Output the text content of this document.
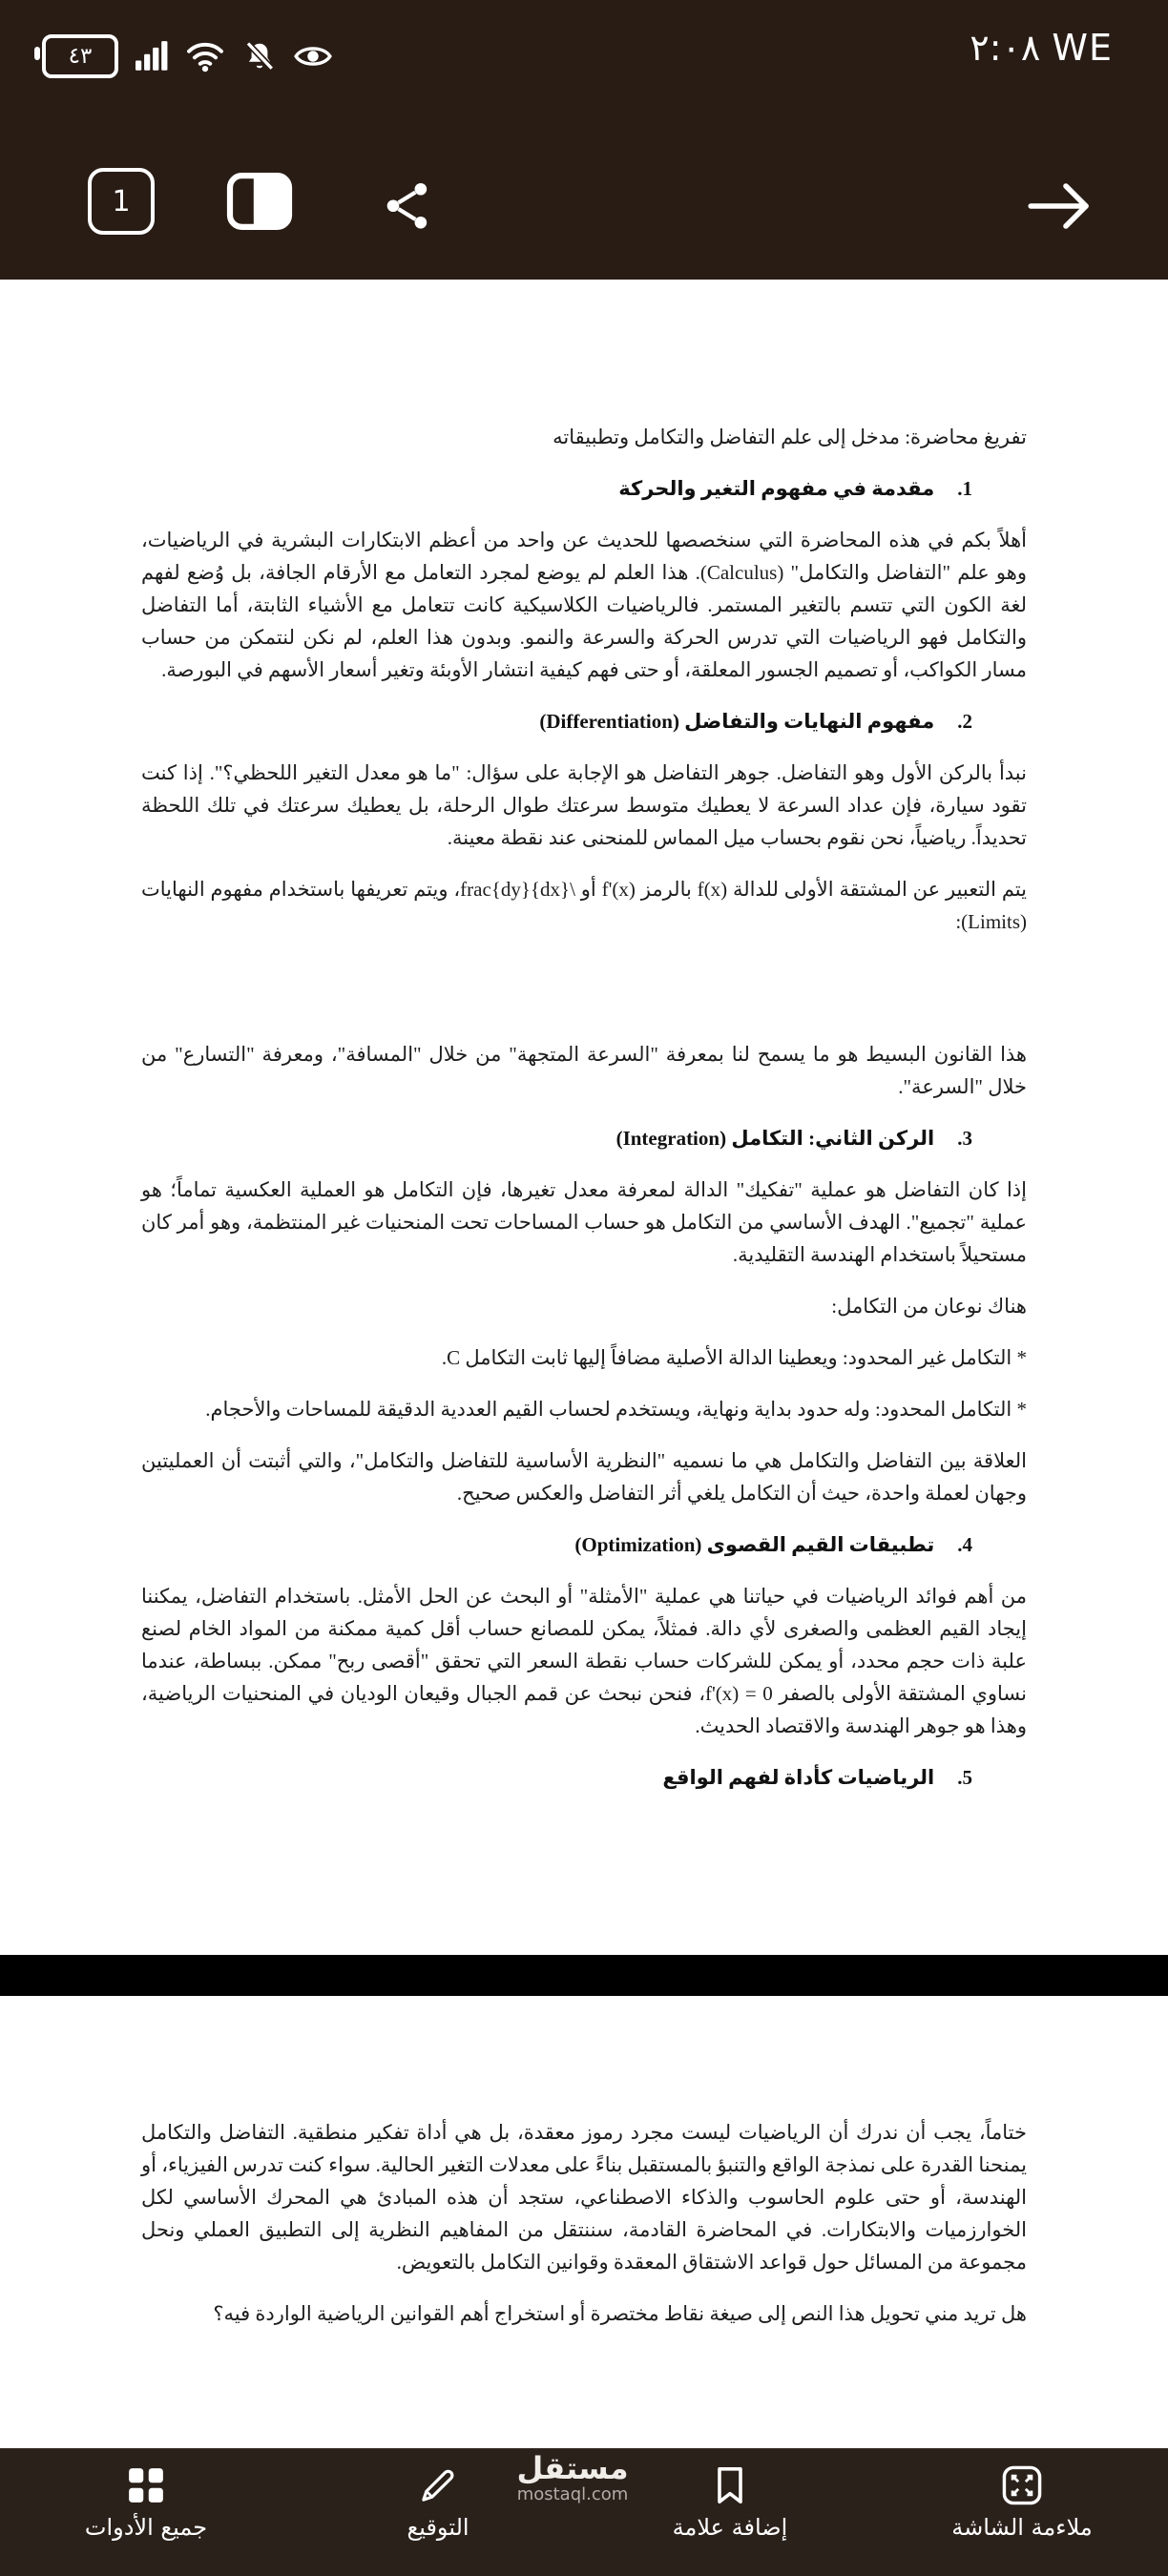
٤٣	٢:٠٨ WE
1

تفريغ محاضرة: مدخل إلى علم التفاضل والتكامل وتطبيقاته

1.
مقدمة في مفهوم التغير والحركة

أهلاً بكم في هذه المحاضرة التي سنخصصها للحديث عن واحد من أعظم الابتكارات البشرية في الرياضيات، وهو علم "التفاضل والتكامل" (Calculus). هذا العلم لم يوضع لمجرد التعامل مع الأرقام الجافة، بل وُضع لفهم لغة الكون التي تتسم بالتغير المستمر. فالرياضيات الكلاسيكية كانت تتعامل مع الأشياء الثابتة، أما التفاضل والتكامل فهو الرياضيات التي تدرس الحركة والسرعة والنمو. وبدون هذا العلم، لم نكن لنتمكن من حساب مسار الكواكب، أو تصميم الجسور المعلقة، أو حتى فهم كيفية انتشار الأوبئة وتغير أسعار الأسهم في البورصة.

2.
مفهوم النهايات والتفاضل (Differentiation)

نبدأ بالركن الأول وهو التفاضل. جوهر التفاضل هو الإجابة على سؤال: "ما هو معدل التغير اللحظي؟". إذا كنت تقود سيارة، فإن عداد السرعة لا يعطيك متوسط سرعتك طوال الرحلة، بل يعطيك سرعتك في تلك اللحظة تحديداً. رياضياً، نحن نقوم بحساب ميل المماس للمنحنى عند نقطة معينة.

يتم التعبير عن المشتقة الأولى للدالة f(x) بالرمز f'(x) أو \frac{dy}{dx}، ويتم تعريفها باستخدام مفهوم النهايات (Limits):

هذا القانون البسيط هو ما يسمح لنا بمعرفة "السرعة المتجهة" من خلال "المسافة"، ومعرفة "التسارع" من خلال "السرعة".

3.
الركن الثاني: التكامل (Integration)

إذا كان التفاضل هو عملية "تفكيك" الدالة لمعرفة معدل تغيرها، فإن التكامل هو العملية العكسية تماماً؛ هو عملية "تجميع". الهدف الأساسي من التكامل هو حساب المساحات تحت المنحنيات غير المنتظمة، وهو أمر كان مستحيلاً باستخدام الهندسة التقليدية.

هناك نوعان من التكامل:

* التكامل غير المحدود: ويعطينا الدالة الأصلية مضافاً إليها ثابت التكامل C.

* التكامل المحدود: وله حدود بداية ونهاية، ويستخدم لحساب القيم العددية الدقيقة للمساحات والأحجام.

العلاقة بين التفاضل والتكامل هي ما نسميه "النظرية الأساسية للتفاضل والتكامل"، والتي أثبتت أن العمليتين وجهان لعملة واحدة، حيث أن التكامل يلغي أثر التفاضل والعكس صحيح.

4.
تطبيقات القيم القصوى (Optimization)

من أهم فوائد الرياضيات في حياتنا هي عملية "الأمثلة" أو البحث عن الحل الأمثل. باستخدام التفاضل، يمكننا إيجاد القيم العظمى والصغرى لأي دالة. فمثلاً، يمكن للمصانع حساب أقل كمية ممكنة من المواد الخام لصنع علبة ذات حجم محدد، أو يمكن للشركات حساب نقطة السعر التي تحقق "أقصى ربح" ممكن. ببساطة، عندما نساوي المشتقة الأولى بالصفر f'(x) = 0، فنحن نبحث عن قمم الجبال وقيعان الوديان في المنحنيات الرياضية، وهذا هو جوهر الهندسة والاقتصاد الحديث.

5.
الرياضيات كأداة لفهم الواقع

ختاماً، يجب أن ندرك أن الرياضيات ليست مجرد رموز معقدة، بل هي أداة تفكير منطقية. التفاضل والتكامل يمنحنا القدرة على نمذجة الواقع والتنبؤ بالمستقبل بناءً على معدلات التغير الحالية. سواء كنت تدرس الفيزياء، أو الهندسة، أو حتى علوم الحاسوب والذكاء الاصطناعي، ستجد أن هذه المبادئ هي المحرك الأساسي لكل الخوارزميات والابتكارات. في المحاضرة القادمة، سننتقل من المفاهيم النظرية إلى التطبيق العملي ونحل مجموعة من المسائل حول قواعد الاشتقاق المعقدة وقوانين التكامل بالتعويض.

هل تريد مني تحويل هذا النص إلى صيغة نقاط مختصرة أو استخراج أهم القوانين الرياضية الواردة فيه؟

جميع الأدوات	التوقيع	إضافة علامة	ملاءمة الشاشة
مستقل
mostaql.com
